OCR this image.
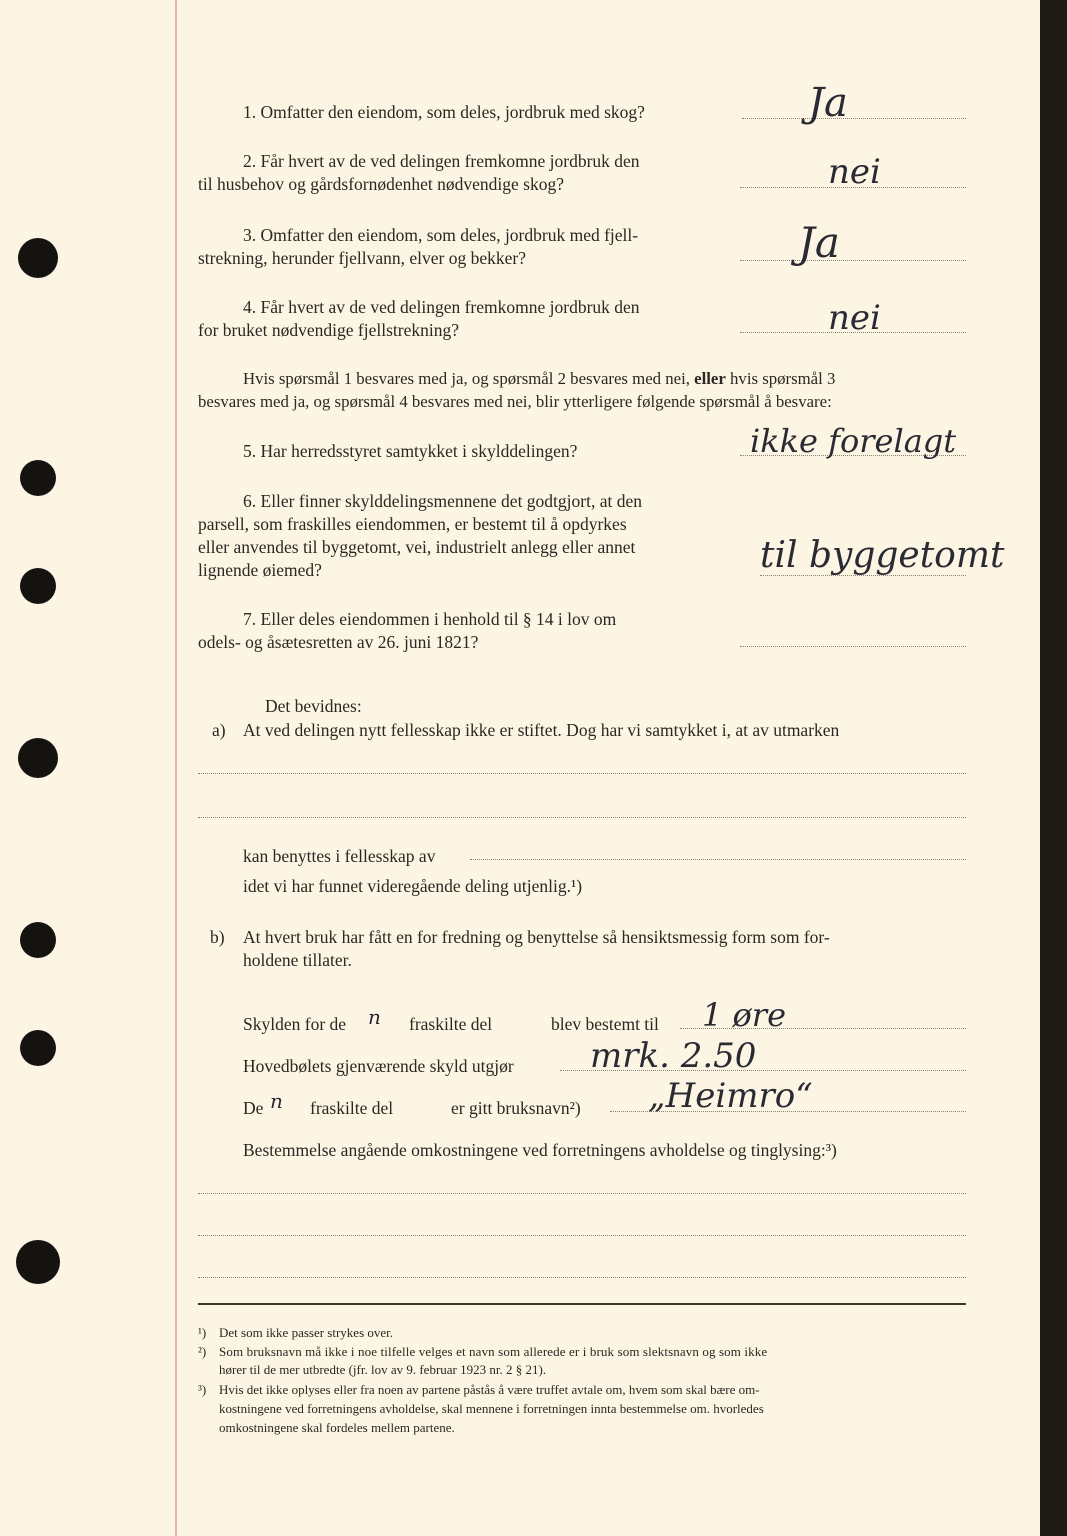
1. Omfatter den eiendom, som deles, jordbruk med skog?	Ja
2. Får hvert av de ved delingen fremkomne jordbruk den
til husbehov og gårdsfornødenhet nødvendige skog?	nei
3. Omfatter den eiendom, som deles, jordbruk med fjell-
strekning, herunder fjellvann, elver og bekker?	Ja
4. Får hvert av de ved delingen fremkomne jordbruk den
for bruket nødvendige fjellstrekning?	nei
Hvis spørsmål 1 besvares med ja, og spørsmål 2 besvares med nei, eller hvis spørsmål 3
besvares med ja, og spørsmål 4 besvares med nei, blir ytterligere følgende spørsmål å besvare:
5. Har herredsstyret samtykket i skylddelingen?	ikke forelagt
6. Eller finner skylddelingsmennene det godtgjort, at den
parsell, som fraskilles eiendommen, er bestemt til å opdyrkes
eller anvendes til byggetomt, vei, industrielt anlegg eller annet
lignende øiemed?	til byggetomt
7. Eller deles eiendommen i henhold til § 14 i lov om
odels- og åsætesretten av 26. juni 1821?
Det bevidnes:
a) At ved delingen nytt fellesskap ikke er stiftet. Dog har vi samtykket i, at av utmarken
kan benyttes i fellesskap av
idet vi har funnet videregående deling utjenlig.¹)
b) At hvert bruk har fått en for fredning og benyttelse så hensiktsmessig form som for-
holdene tillater.
Skylden for de n fraskilte del	blev bestemt til 1 øre
Hovedbølets gjenværende skyld utgjør mrk. 2.50
De n fraskilte del	er gitt bruksnavn²) „Heimro“
Bestemmelse angående omkostningene ved forretningens avholdelse og tinglysing:³)
¹) Det som ikke passer strykes over.
²) Som bruksnavn må ikke i noe tilfelle velges et navn som allerede er i bruk som slektsnavn og som ikke
hører til de mer utbredte (jfr. lov av 9. februar 1923 nr. 2 § 21).
³) Hvis det ikke oplyses eller fra noen av partene påstås å være truffet avtale om, hvem som skal bære om-
kostningene ved forretningens avholdelse, skal mennene i forretningen innta bestemmelse om. hvorledes
omkostningene skal fordeles mellem partene.
